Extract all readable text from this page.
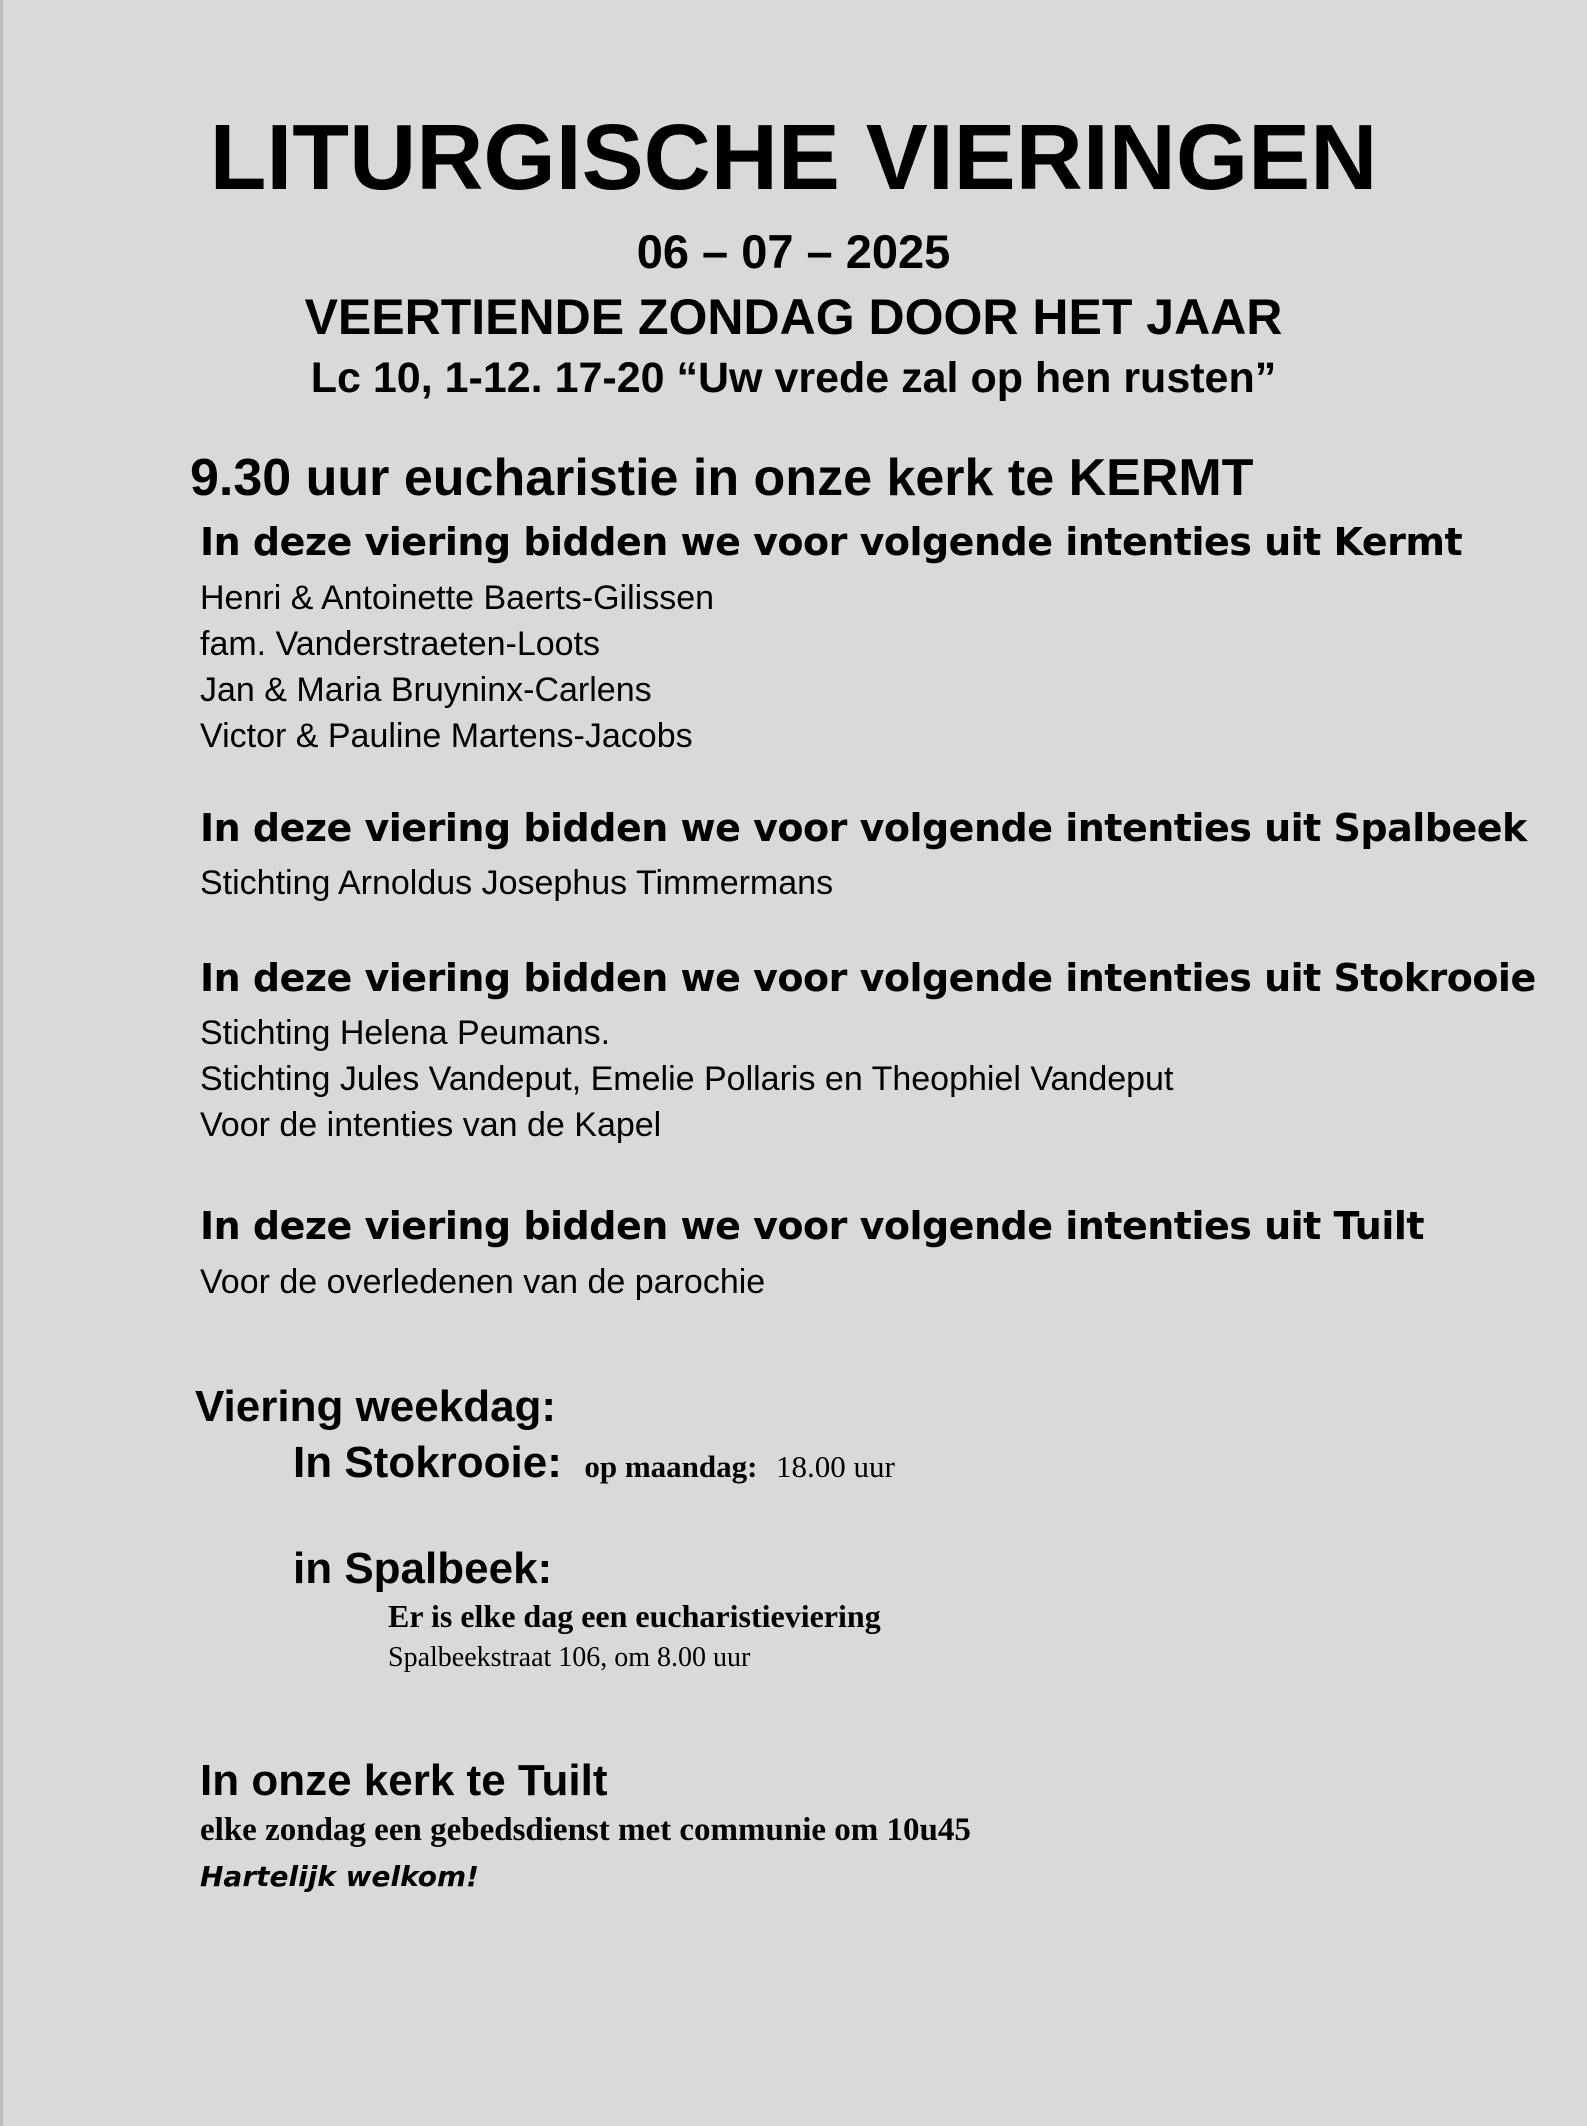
LITURGISCHE VIERINGEN
06 – 07 – 2025
VEERTIENDE ZONDAG DOOR HET JAAR
Lc 10, 1-12. 17-20 “Uw vrede zal op hen rusten”
9.30 uur eucharistie in onze kerk te KERMT
In deze viering bidden we voor volgende intenties uit Kermt
Henri & Antoinette Baerts-Gilissen
fam. Vanderstraeten-Loots
Jan & Maria Bruyninx-Carlens
Victor & Pauline Martens-Jacobs
In deze viering bidden we voor volgende intenties uit Spalbeek
Stichting Arnoldus Josephus Timmermans
In deze viering bidden we voor volgende intenties uit Stokrooie
Stichting Helena Peumans.
Stichting Jules Vandeput, Emelie Pollaris en Theophiel Vandeput
Voor de intenties van de Kapel
In deze viering bidden we voor volgende intenties uit Tuilt
Voor de overledenen van de parochie
Viering weekdag:
In Stokrooie: op maandag: 18.00 uur
in Spalbeek:
Er is elke dag een eucharistieviering
Spalbeekstraat 106, om 8.00 uur
In onze kerk te Tuilt
elke zondag een gebedsdienst met communie om 10u45
Hartelijk welkom!
